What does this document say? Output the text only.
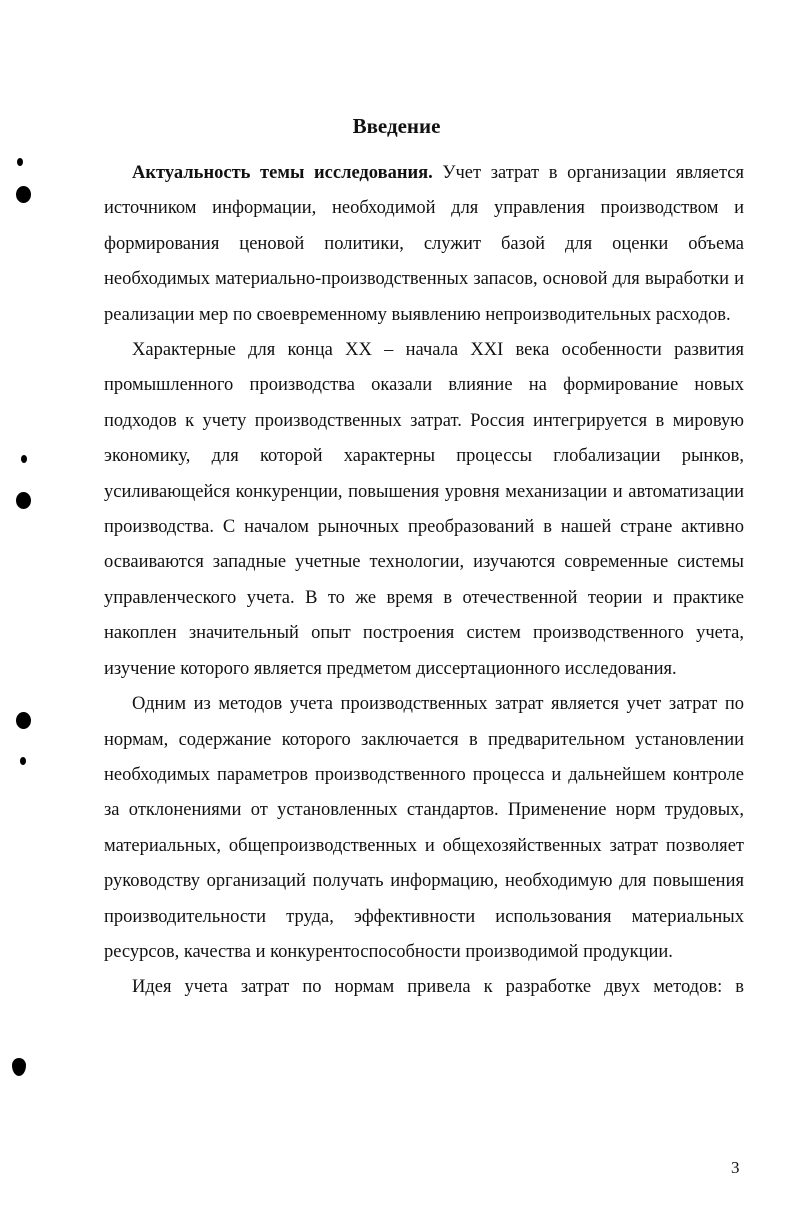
Введение

Актуальность темы исследования. Учет затрат в организации является источником информации, необходимой для управления производством и формирования ценовой политики, служит базой для оценки объема необходимых материально-производственных запасов, основой для выработки и реализации мер по своевременному выявлению непроизводительных расходов.

Характерные для конца XX – начала XXI века особенности развития промышленного производства оказали влияние на формирование новых подходов к учету производственных затрат. Россия интегрируется в мировую экономику, для которой характерны процессы глобализации рынков, усиливающейся конкуренции, повышения уровня механизации и автоматизации производства. С началом рыночных преобразований в нашей стране активно осваиваются западные учетные технологии, изучаются современные системы управленческого учета. В то же время в отечественной теории и практике накоплен значительный опыт построения систем производственного учета, изучение которого является предметом диссертационного исследования.

Одним из методов учета производственных затрат является учет затрат по нормам, содержание которого заключается в предварительном установлении необходимых параметров производственного процесса и дальнейшем контроле за отклонениями от установленных стандартов. Применение норм трудовых, материальных, общепроизводственных и общехозяйственных затрат позволяет руководству организаций получать информацию, необходимую для повышения производительности труда, эффективности использования материальных ресурсов, качества и конкурентоспособности производимой продукции.

Идея учета затрат по нормам привела к разработке двух методов: в

3
